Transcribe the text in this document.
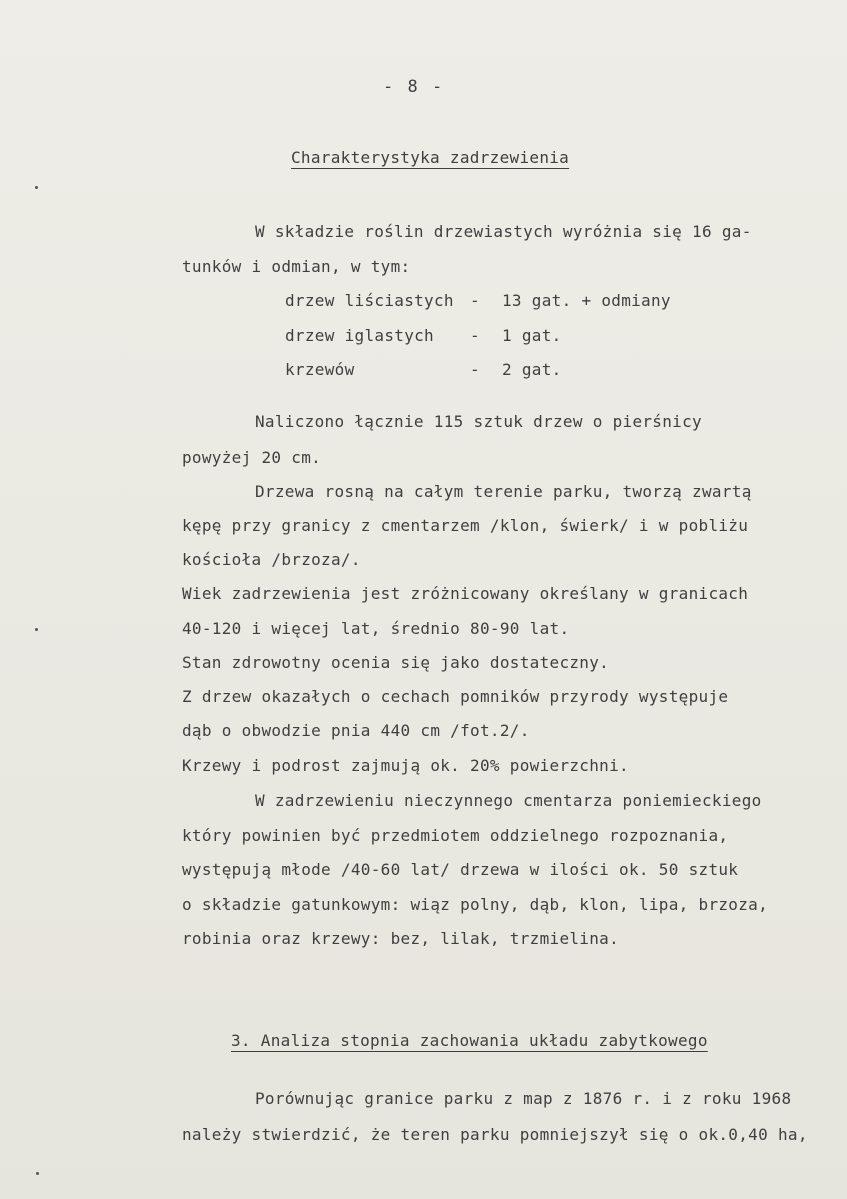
- 8 -
Charakterystyka zadrzewienia
W składzie roślin drzewiastych wyróżnia się 16 ga-
tunków i odmian, w tym:
drzew liściastych - 13 gat. + odmiany
drzew iglastych - 1 gat.
krzewów	- 2 gat.
Naliczono łącznie 115 sztuk drzew o pierśnicy
powyżej 20 cm.
Drzewa rosną na całym terenie parku, tworzą zwartą
kępę przy granicy z cmentarzem /klon, świerk/ i w pobliżu
kościoła /brzoza/.
Wiek zadrzewienia jest zróżnicowany określany w granicach
40-120 i więcej lat, średnio 80-90 lat.
Stan zdrowotny ocenia się jako dostateczny.
Z drzew okazałych o cechach pomników przyrody występuje
dąb o obwodzie pnia 440 cm /fot.2/.
Krzewy i podrost zajmują ok. 20% powierzchni.
W zadrzewieniu nieczynnego cmentarza poniemieckiego
który powinien być przedmiotem oddzielnego rozpoznania,
występują młode /40-60 lat/ drzewa w ilości ok. 50 sztuk
o składzie gatunkowym: wiąz polny, dąb, klon, lipa, brzoza,
robinia oraz krzewy: bez, lilak, trzmielina.
3. Analiza stopnia zachowania układu zabytkowego
Porównując granice parku z map z 1876 r. i z roku 1968
należy stwierdzić, że teren parku pomniejszył się o ok.0,40 ha,
